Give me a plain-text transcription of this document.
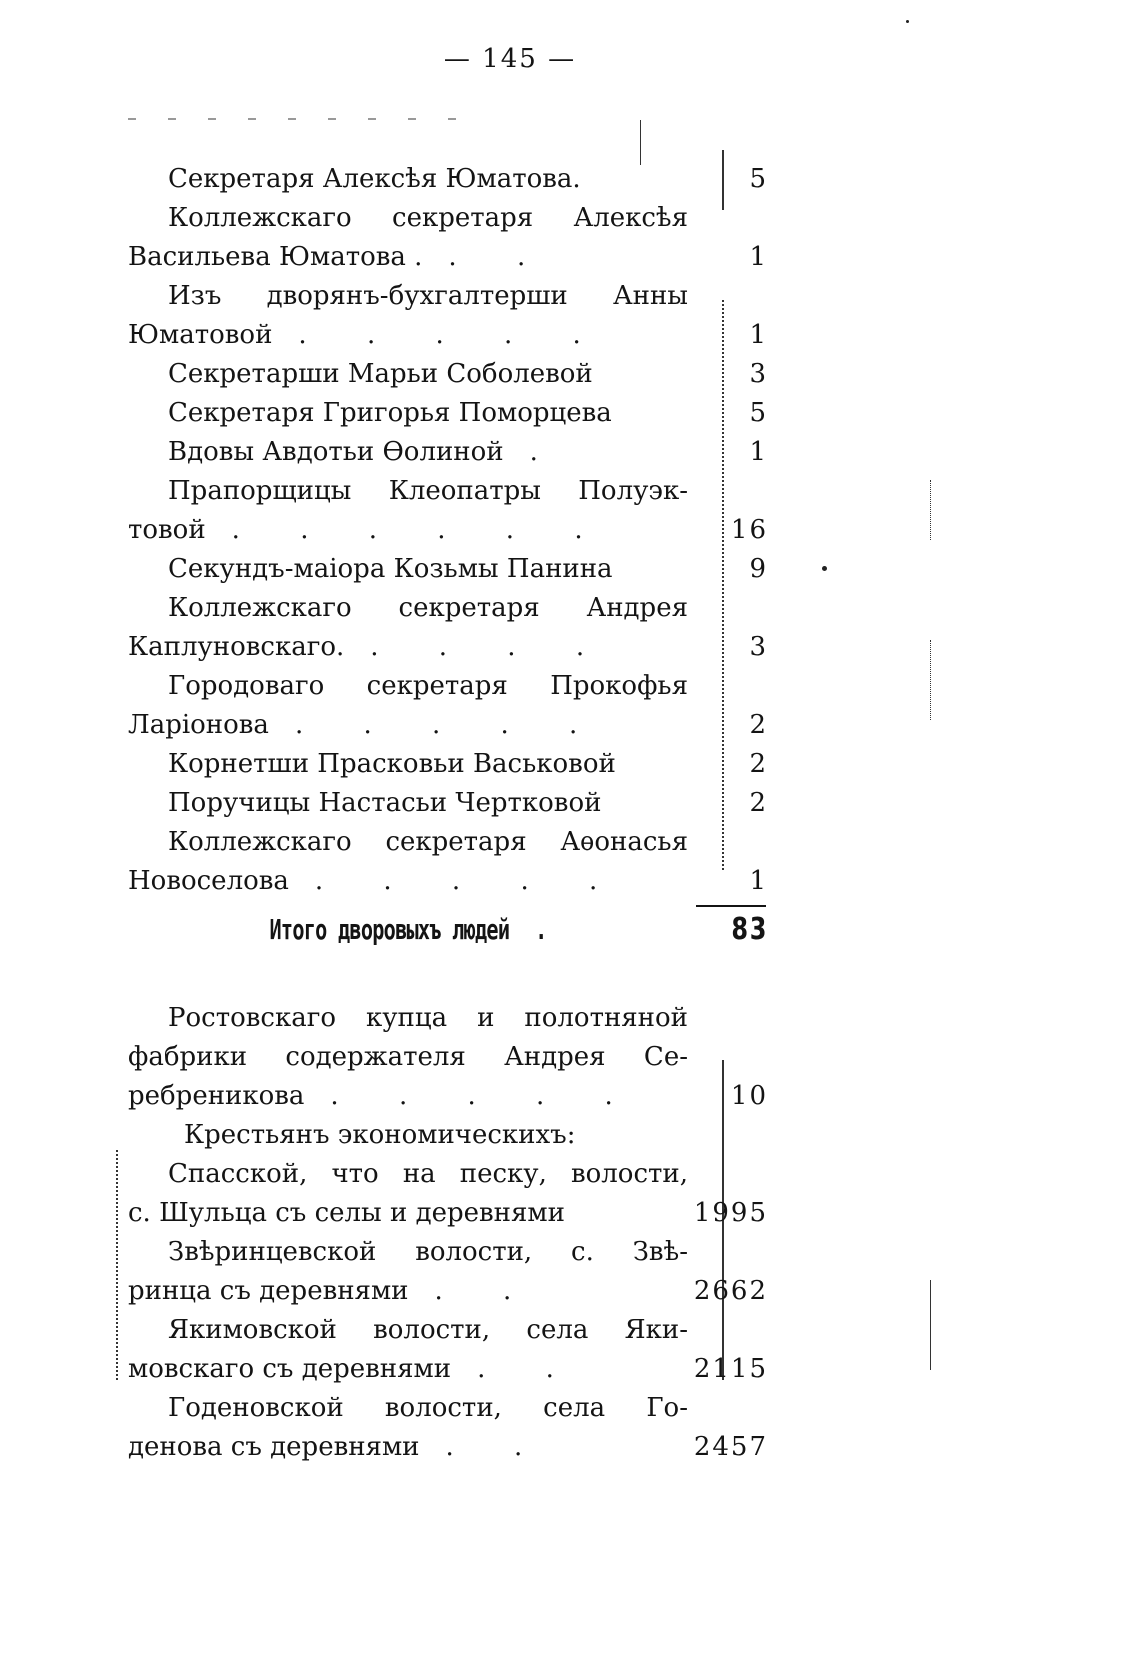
— 145 —
Секретаря Алексѣя Юматова.	5
Коллежскаго секретаря Алексѣя
Васильева Юматова . . .	1
Изъ дворянъ-бухгалтерши Анны
Юматовой . . . . .	1
Секретарши Марьи Соболевой	3
Секретаря Григорья Поморцева	5
Вдовы Авдотьи Ѳолиной .	1
Прапорщицы Клеопатры Полуэк-
товой . . . . . .	16
Секундъ-маіора Козьмы Панина	9
Коллежскаго секретаря Андрея
Каплуновскаго. . . . .	3
Городоваго секретаря Прокофья
Ларіонова . . . . .	2
Корнетши Прасковьи Васьковой	2
Поручицы Настасьи Чертковой	2
Коллежскаго секретаря Аѳонасья
Новоселова . . . . .	1
Итого дворовыхъ людей .	83
Ростовскаго купца и полотняной
фабрики содержателя Андрея Се-
ребреникова . . . . .	10
Крестьянъ экономическихъ:
Спасской, что на песку, волости,
с. Шульца съ селы и деревнями	1995
Звѣринцевской волости, с. Звѣ-
ринца съ деревнями . .	2662
Якимовской волости, села Яки-
мовскаго съ деревнями . .	2115
Годеновской волости, села Го-
денова съ деревнями . .	2457
